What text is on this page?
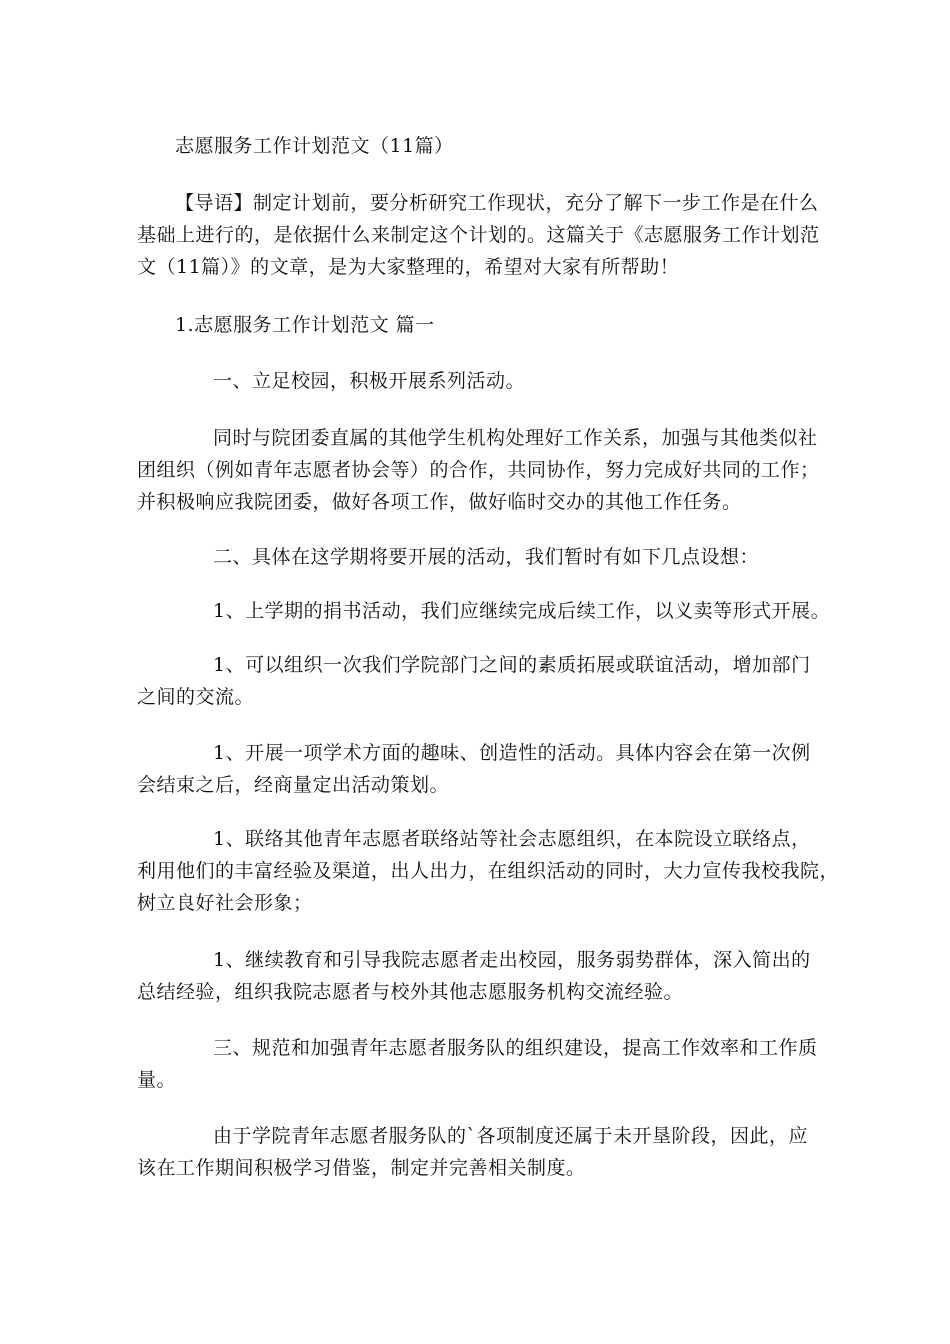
志愿服务工作计划范文（11篇）
【导语】制定计划前，要分析研究工作现状，充分了解下一步工作是在什么
基础上进行的，是依据什么来制定这个计划的。这篇关于《志愿服务工作计划范
文（11篇）》的文章，是为大家整理的，希望对大家有所帮助！
1.志愿服务工作计划范文 篇一
一、立足校园，积极开展系列活动。
同时与院团委直属的其他学生机构处理好工作关系，加强与其他类似社
团组织（例如青年志愿者协会等）的合作，共同协作，努力完成好共同的工作；
并积极响应我院团委，做好各项工作，做好临时交办的其他工作任务。
二、具体在这学期将要开展的活动，我们暂时有如下几点设想：
1、上学期的捐书活动，我们应继续完成后续工作，以义卖等形式开展。
1、可以组织一次我们学院部门之间的素质拓展或联谊活动，增加部门
之间的交流。
1、开展一项学术方面的趣味、创造性的活动。具体内容会在第一次例
会结束之后，经商量定出活动策划。
1、联络其他青年志愿者联络站等社会志愿组织，在本院设立联络点，
利用他们的丰富经验及渠道，出人出力，在组织活动的同时，大力宣传我校我院，
树立良好社会形象；
1、继续教育和引导我院志愿者走出校园，服务弱势群体，深入简出的
总结经验，组织我院志愿者与校外其他志愿服务机构交流经验。
三、规范和加强青年志愿者服务队的组织建设，提高工作效率和工作质
量。
由于学院青年志愿者服务队的`各项制度还属于未开垦阶段，因此，应
该在工作期间积极学习借鉴，制定并完善相关制度。
